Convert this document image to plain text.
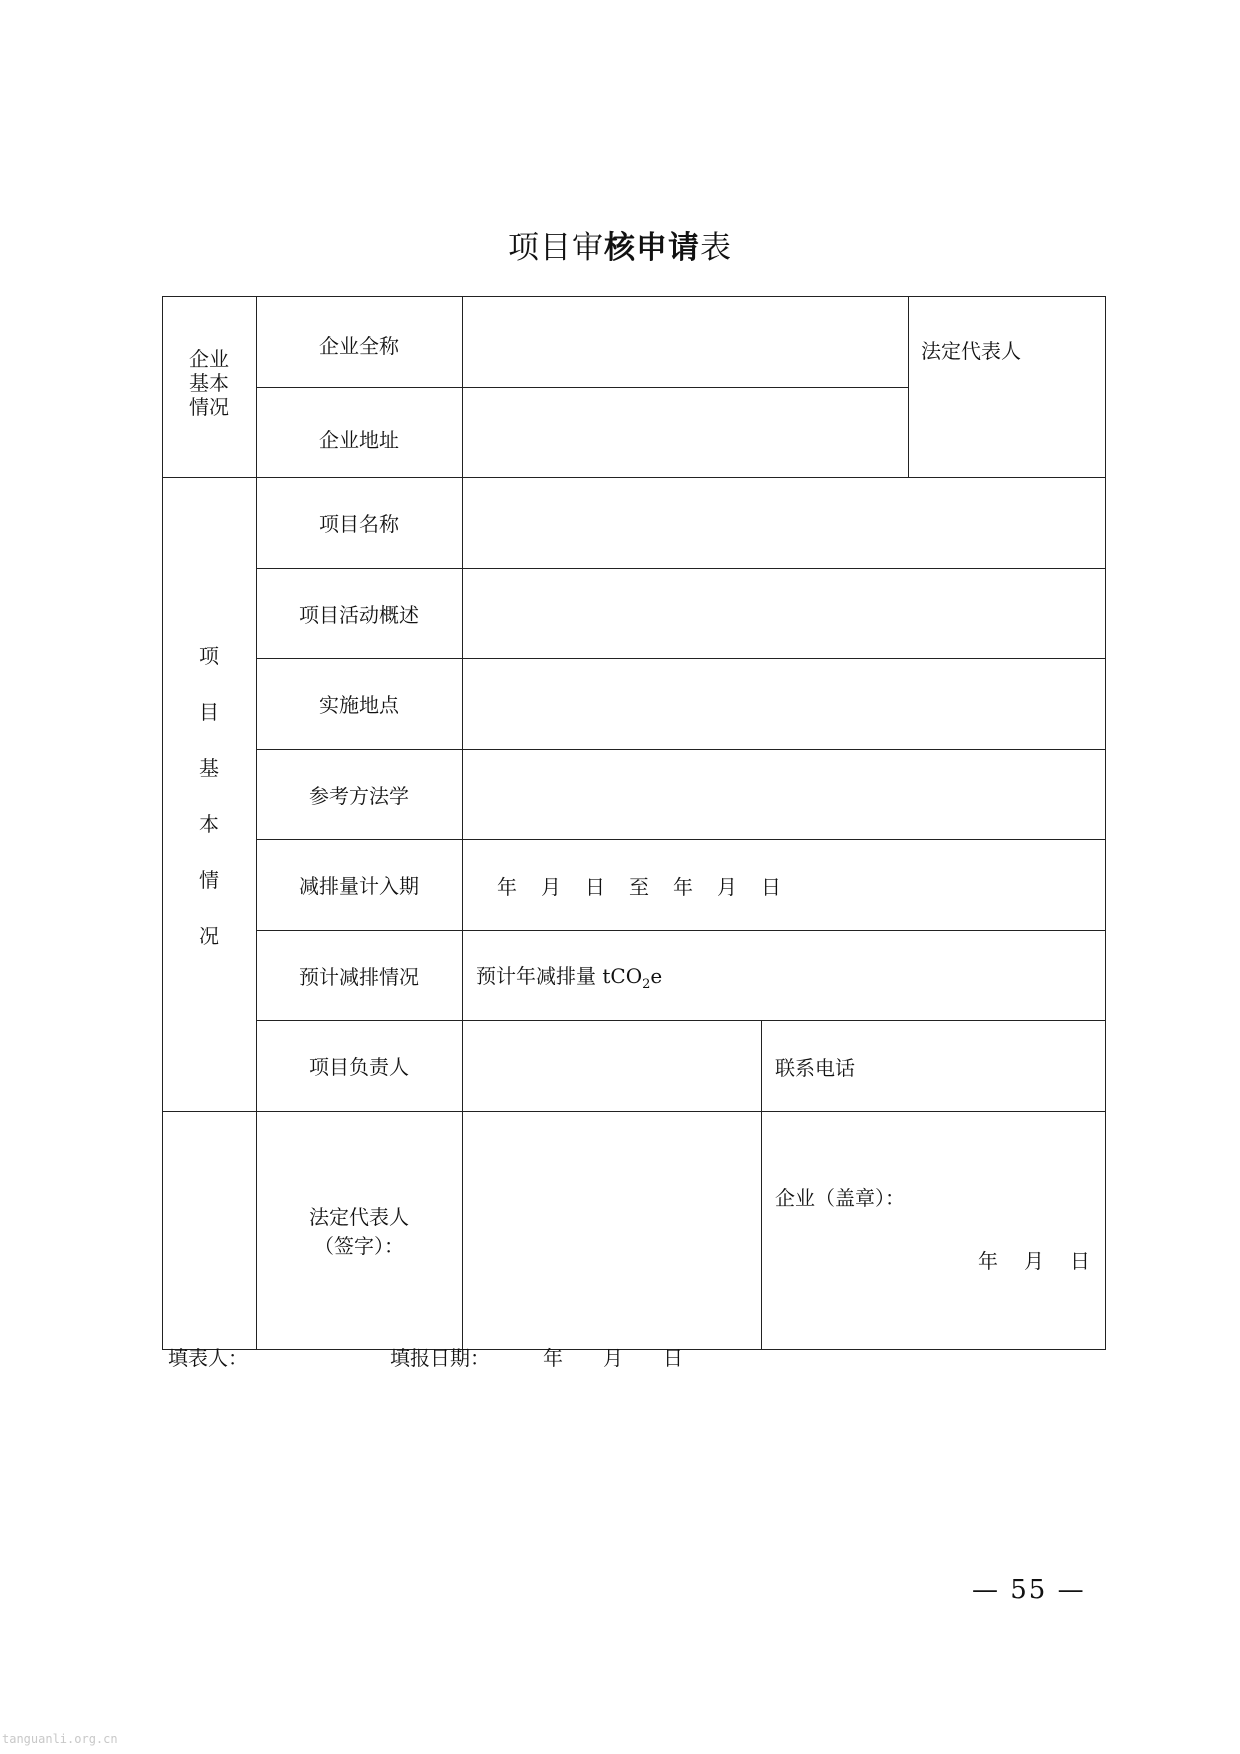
项目审核申请表
企业
基本
情况
企业全称
企业地址
法定代表人
项
目
基
本
情
况
项目名称
项目活动概述
实施地点
参考方法学
减排量计入期
预计减排情况
项目负责人
年　月　日　至　年　月　日
预计年减排量 tCO$_2$e
联系电话
法定代表人
（签字）：
企业（盖章）：
年　月　日
填表人：	填报日期：	年　　月　　日
— 55 —
tanguanli.org.cn
